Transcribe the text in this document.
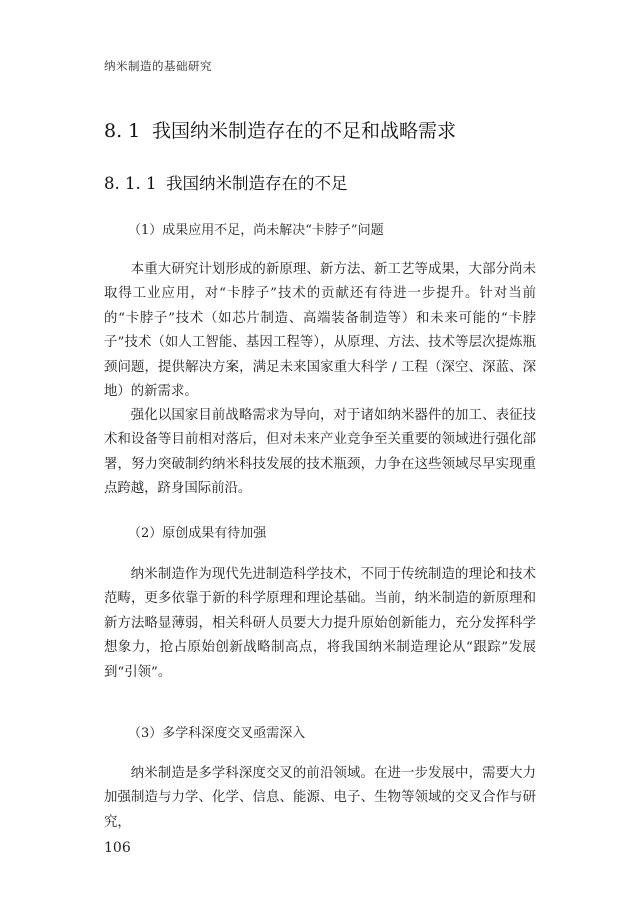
纳米制造的基础研究
8. 1 我国纳米制造存在的不足和战略需求
8. 1. 1 我国纳米制造存在的不足
（1）成果应用不足，尚未解决“卡脖子”问题

本重大研究计划形成的新原理、新方法、新工艺等成果，大部分尚未取得工业应用，对“卡脖子”技术的贡献还有待进一步提升。针对当前的“卡脖子”技术（如芯片制造、高端装备制造等）和未来可能的“卡脖子”技术（如人工智能、基因工程等），从原理、方法、技术等层次提炼瓶颈问题，提供解决方案，满足未来国家重大科学 / 工程（深空、深蓝、深地）的新需求。

强化以国家目前战略需求为导向，对于诸如纳米器件的加工、表征技术和设备等目前相对落后，但对未来产业竞争至关重要的领域进行强化部署，努力突破制约纳米科技发展的技术瓶颈，力争在这些领域尽早实现重点跨越，跻身国际前沿。

（2）原创成果有待加强

纳米制造作为现代先进制造科学技术，不同于传统制造的理论和技术范畴，更多依靠于新的科学原理和理论基础。当前，纳米制造的新原理和新方法略显薄弱，相关科研人员要大力提升原始创新能力，充分发挥科学想象力，抢占原始创新战略制高点，将我国纳米制造理论从“跟踪”发展到“引领”。

（3）多学科深度交叉亟需深入

纳米制造是多学科深度交叉的前沿领域。在进一步发展中，需要大力加强制造与力学、化学、信息、能源、电子、生物等领域的交叉合作与研究，

106
